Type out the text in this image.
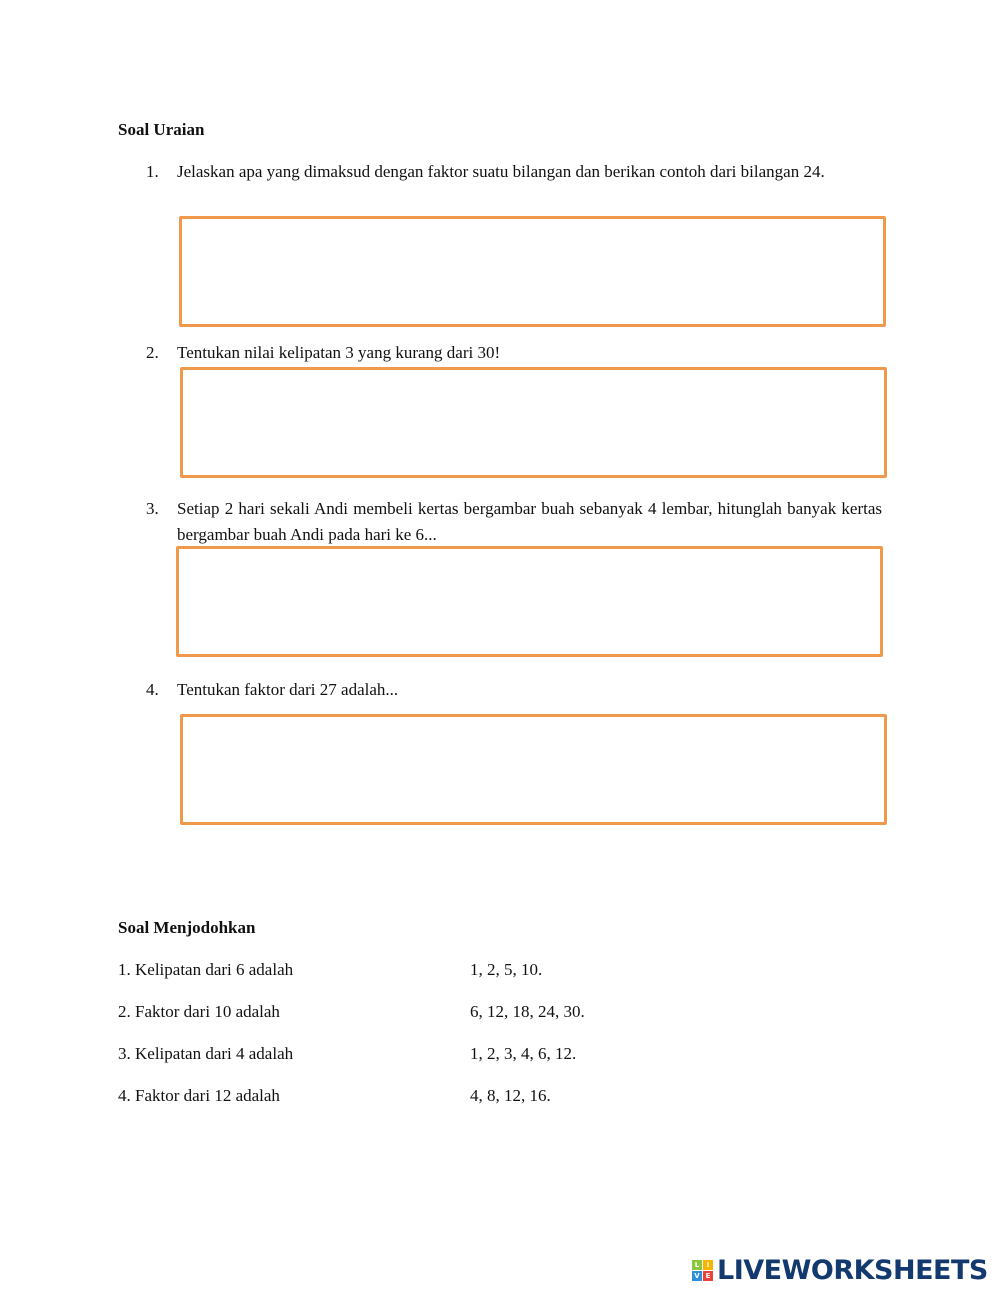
Soal Uraian
1. Jelaskan apa yang dimaksud dengan faktor suatu bilangan dan berikan contoh dari bilangan 24.
2. Tentukan nilai kelipatan 3 yang kurang dari 30!
3. Setiap 2 hari sekali Andi membeli kertas bergambar buah sebanyak 4 lembar, hitunglah banyak kertas bergambar buah Andi pada hari ke 6...
4. Tentukan faktor dari 27 adalah...
Soal Menjodohkan
1. Kelipatan dari 6 adalah	1, 2, 5, 10.
2. Faktor dari 10 adalah	6, 12, 18, 24, 30.
3. Kelipatan dari 4 adalah	1, 2, 3, 4, 6, 12.
4. Faktor dari 12 adalah	4, 8, 12, 16.
L	I
V E LIVEWORKSHEETS
